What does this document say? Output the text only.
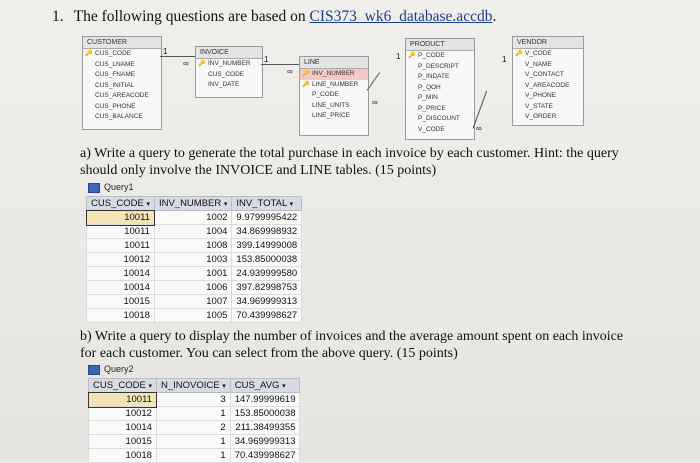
1. The following questions are based on CIS373_wk6_database.accdb.
CUSTOMER
🔑 CUS_CODE
CUS_LNAME
CUS_FNAME
CUS_INITIAL
CUS_AREACODE
CUS_PHONE
CUS_BALANCE
INVOICE
🔑 INV_NUMBER
CUS_CODE
INV_DATE
LINE
🔑 INV_NUMBER
🔑 LINE_NUMBER
P_CODE
LINE_UNITS
LINE_PRICE
PRODUCT
🔑 P_CODE
P_DESCRIPT
P_INDATE
P_QOH
P_MIN
P_PRICE
P_DISCOUNT
V_CODE
VENDOR
🔑 V_CODE
V_NAME
V_CONTACT
V_AREACODE
V_PHONE
V_STATE
V_ORDER
1
∞	1
∞
∞
1
∞
1
a) Write a query to generate the total purchase in each invoice by each customer. Hint: the query should only involve the INVOICE and LINE tables. (15 points)
Query1
CUS_CODE ▾	INV_NUMBER ▾	INV_TOTAL ▾
10011	1002	9.9799995422
10011	1004	34.869998932
10011	1008	399.14999008
10012	1003	153.85000038
10014	1001	24.939999580
10014	1006	397.82998753
10015	1007	34.969999313
10018	1005	70.439998627
b) Write a query to display the number of invoices and the average amount spent on each invoice for each customer. You can select from the above query. (15 points)
Query2
CUS_CODE ▾	N_INOVOICE ▾	CUS_AVG ▾
10011	3	147.99999619
10012	1	153.85000038
10014	2	211.38499355
10015	1	34.969999313
10018	1	70.439998627
